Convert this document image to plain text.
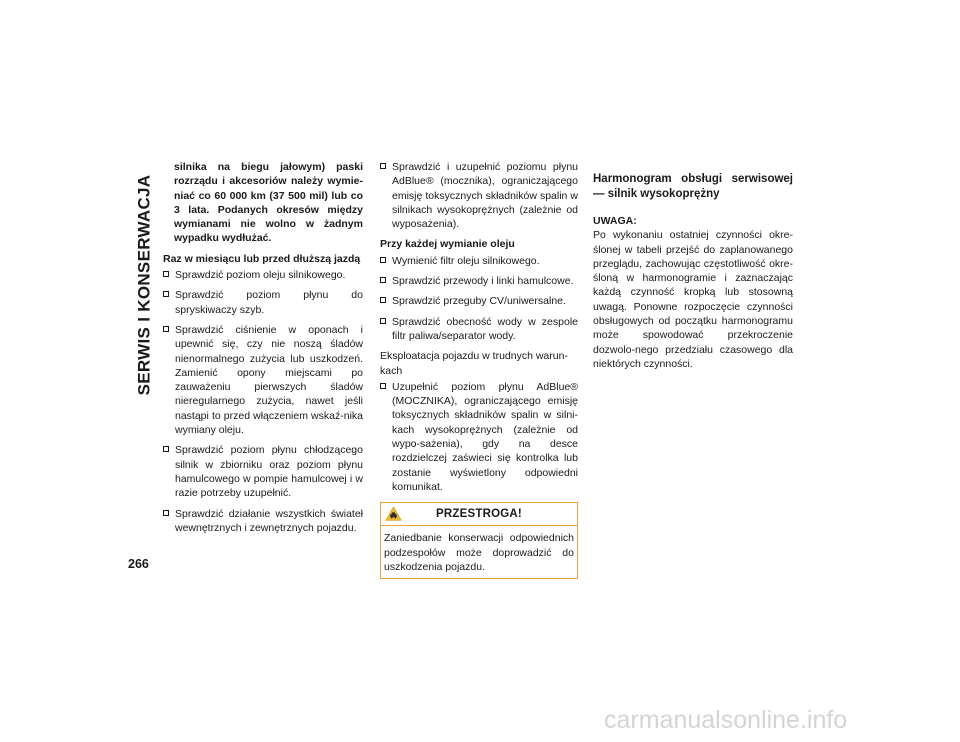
SERWIS I KONSERWACJA
266

silnika na biegu jałowym) paski rozrządu i akcesoriów należy wymie-niać co 60 000 km (37 500 mil) lub co 3 lata. Podanych okresów między wymianami nie wolno w żadnym wypadku wydłużać.

Raz w miesiącu lub przed dłuższą jazdą

Sprawdzić poziom oleju silnikowego.
Sprawdzić poziom płynu do spryskiwaczy szyb.
Sprawdzić ciśnienie w oponach i upewnić się, czy nie noszą śladów nienormalnego zużycia lub uszkodzeń. Zamienić opony miejscami po zauważeniu pierwszych śladów nieregularnego zużycia, nawet jeśli nastąpi to przed włączeniem wskaź-nika wymiany oleju.
Sprawdzić poziom płynu chłodzącego silnik w zbiorniku oraz poziom płynu hamulcowego w pompie hamulcowej i w razie potrzeby uzupełnić.
Sprawdzić działanie wszystkich świateł wewnętrznych i zewnętrznych pojazdu.
Sprawdzić i uzupełnić poziomu płynu AdBlue® (mocznika), ograniczającego emisję toksycznych składników spalin w silnikach wysokoprężnych (zależnie od wyposażenia).

Przy każdej wymianie oleju

Wymienić filtr oleju silnikowego.
Sprawdzić przewody i linki hamulcowe.
Sprawdzić przeguby CV/uniwersalne.
Sprawdzić obecność wody w zespole filtr paliwa/separator wody.

Eksploatacja pojazdu w trudnych warun-kach

Uzupełnić poziom płynu AdBlue® (MOCZNIKA), ograniczającego emisję toksycznych składników spalin w silni-kach wysokoprężnych (zależnie od wypo-sażenia), gdy na desce rozdzielczej zaświeci się kontrolka lub zostanie wyświetlony odpowiedni komunikat.
PRZESTROGA!

Zaniedbanie konserwacji odpowiednich podzespołów może doprowadzić do uszkodzenia pojazdu.

Harmonogram obsługi serwisowej — silnik wysokoprężny

UWAGA:

Po wykonaniu ostatniej czynności okre-ślonej w tabeli przejść do zaplanowanego przeglądu, zachowując częstotliwość okre-śloną w harmonogramie i zaznaczając każdą czynność kropką lub stosowną uwagą. Ponowne rozpoczęcie czynności obsługowych od początku harmonogramu może spowodować przekroczenie dozwolo-nego przedziału czasowego dla niektórych czynności.

carmanualsonline.info
